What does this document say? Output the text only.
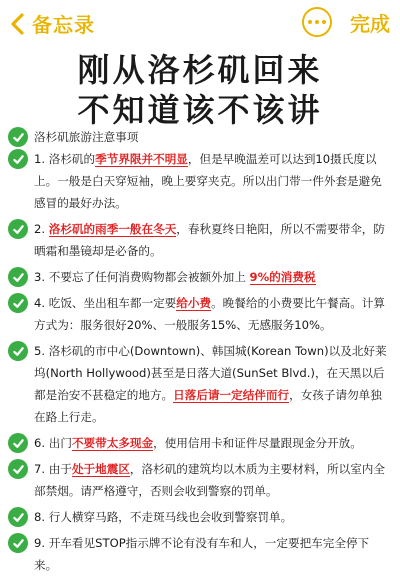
备忘录	完成
刚从洛杉矶回来
不知道该不该讲
洛杉矶旅游注意事项
1. 洛杉矶的季节界限并不明显，但是早晚温差可以达到10摄氏度以上。一般是白天穿短袖，晚上要穿夹克。所以出门带一件外套是避免感冒的最好办法。
2. 洛杉矶的雨季一般在冬天，春秋夏终日艳阳，所以不需要带伞，防晒霜和墨镜却是必备的。
3. 不要忘了任何消费购物都会被额外加上 9%的消费税
4. 吃饭、坐出租车都一定要给小费。晚餐给的小费要比午餐高。计算方式为：服务很好20%、一般服务15%、无感服务10%。
5. 洛杉矶的市中心(Downtown)、韩国城(Korean Town)以及北好莱坞(North Hollywood)甚至是日落大道(SunSet Blvd.)，在天黑以后都是治安不甚稳定的地方。日落后请一定结伴而行，女孩子请勿单独在路上行走。
6. 出门不要带太多现金，使用信用卡和证件尽量跟现金分开放。
7. 由于处于地震区，洛杉矶的建筑均以木质为主要材料，所以室内全部禁烟。请严格遵守，否则会收到警察的罚单。
8. 行人横穿马路，不走斑马线也会收到警察罚单。
9. 开车看见STOP指示牌不论有没有车和人，一定要把车完全停下来。
